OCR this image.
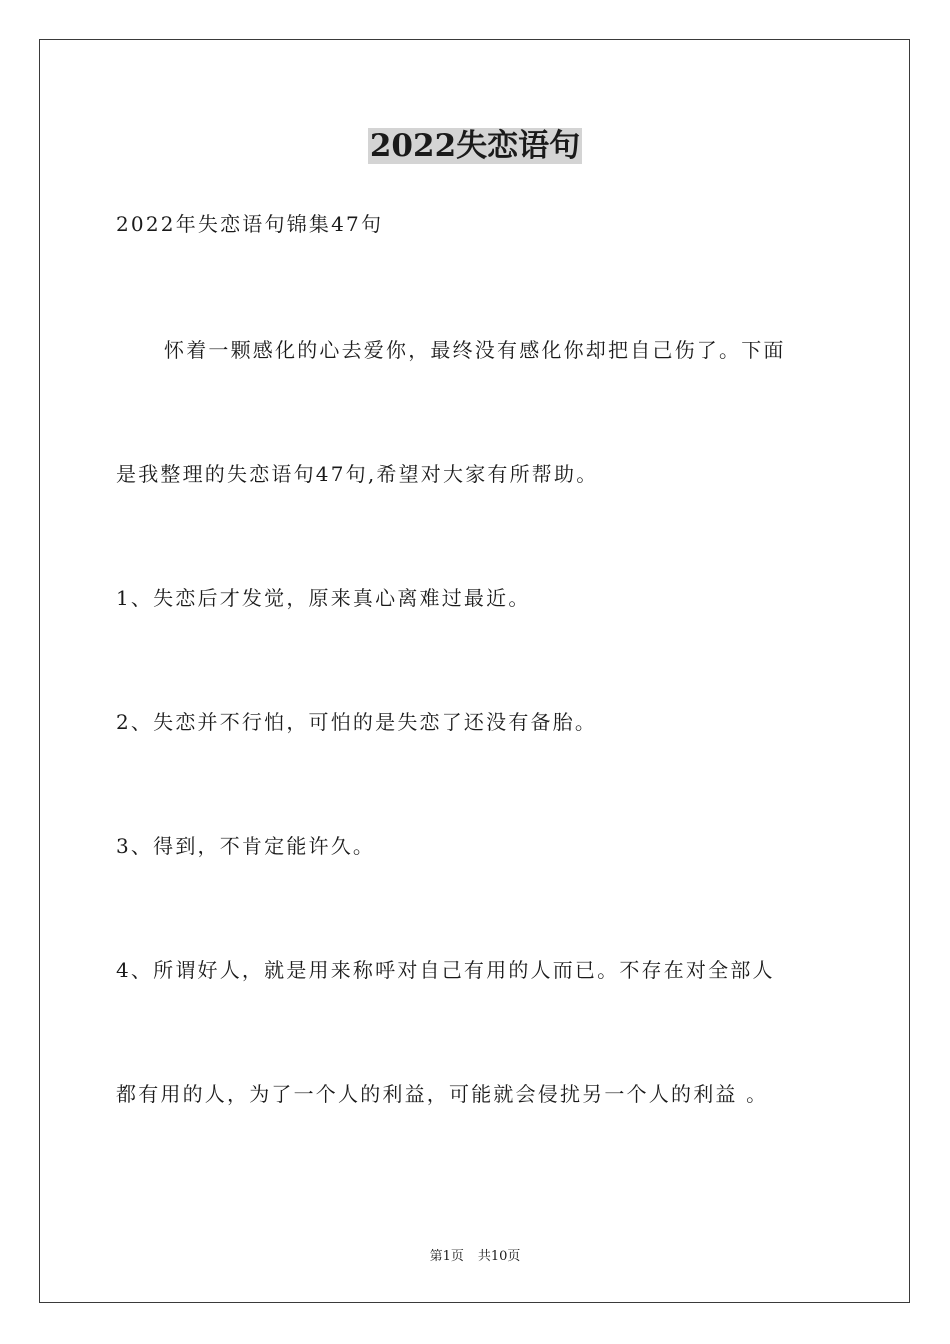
2022失恋语句
2022年失恋语句锦集47句
怀着一颗感化的心去爱你，最终没有感化你却把自己伤了。下面
是我整理的失恋语句47句,希望对大家有所帮助。
1、失恋后才发觉，原来真心离难过最近。
2、失恋并不行怕，可怕的是失恋了还没有备胎。
3、得到，不肯定能许久。
4、所谓好人，就是用来称呼对自己有用的人而已。不存在对全部人
都有用的人，为了一个人的利益，可能就会侵扰另一个人的利益 。
第1页 共10页
